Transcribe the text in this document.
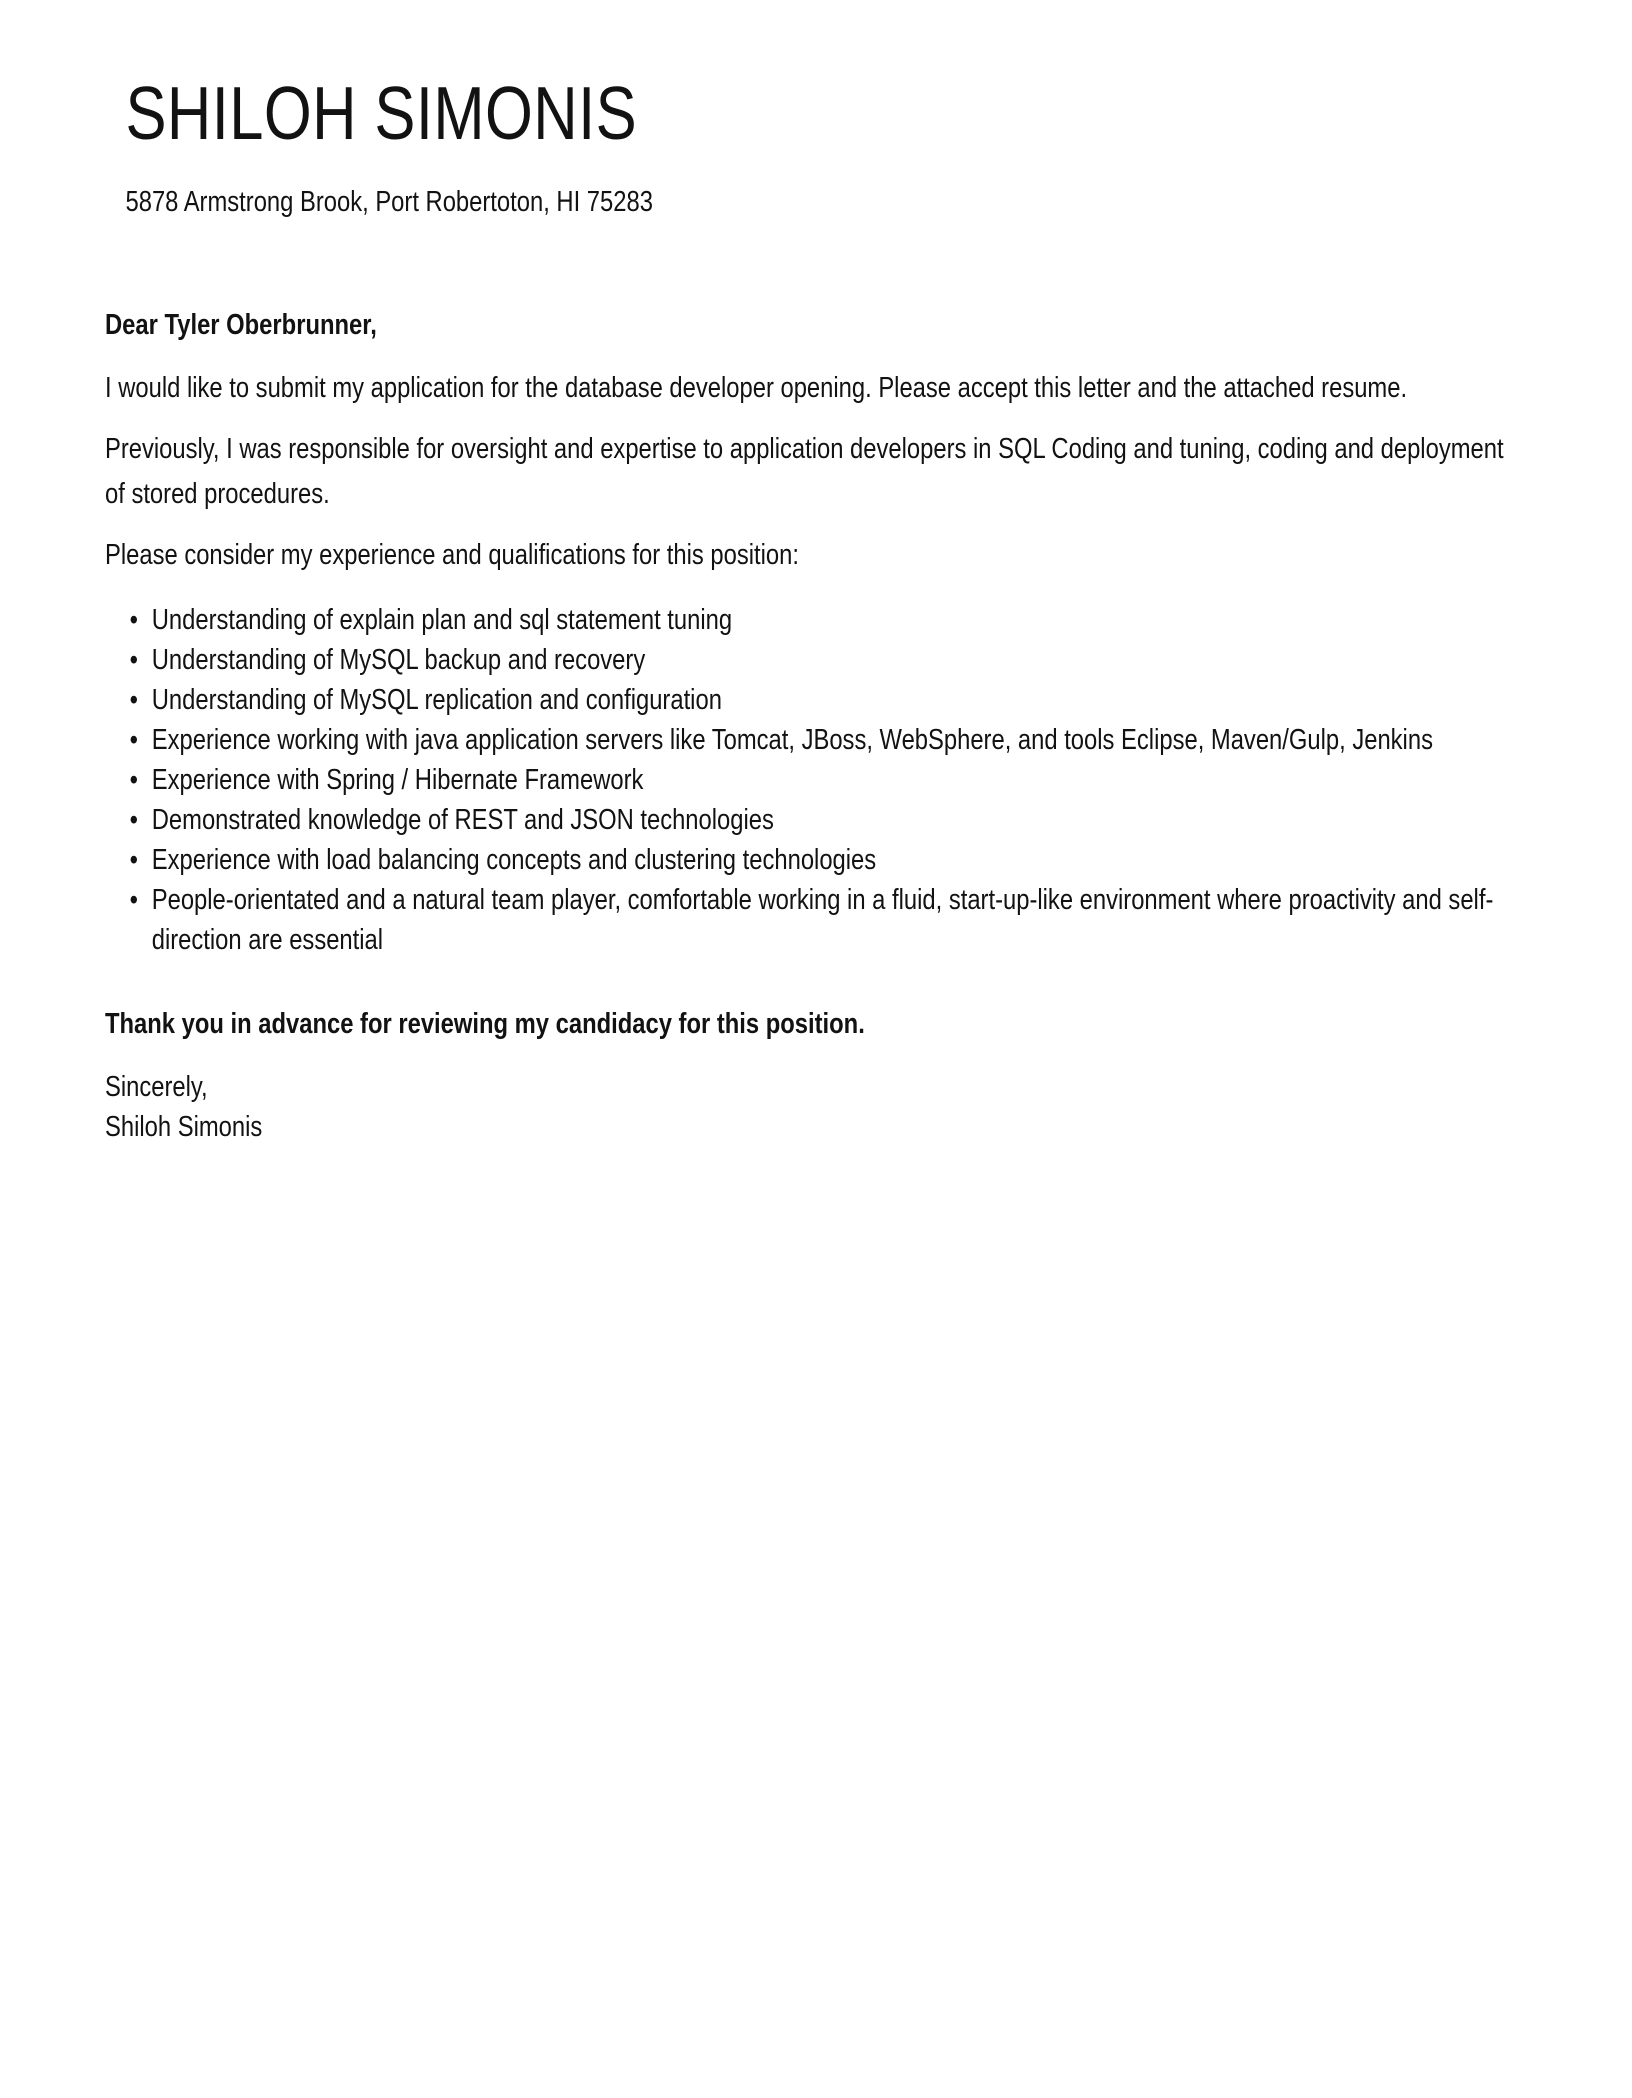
SHILOH SIMONIS
5878 Armstrong Brook, Port Robertoton, HI 75283

Dear Tyler Oberbrunner,

I would like to submit my application for the database developer opening. Please accept this letter and the attached resume.

Previously, I was responsible for oversight and expertise to application developers in SQL Coding and tuning, coding and deployment of stored procedures.

Please consider my experience and qualifications for this position:

• Understanding of explain plan and sql statement tuning
• Understanding of MySQL backup and recovery
• Understanding of MySQL replication and configuration
• Experience working with java application servers like Tomcat, JBoss, WebSphere, and tools Eclipse, Maven/Gulp, Jenkins
• Experience with Spring / Hibernate Framework
• Demonstrated knowledge of REST and JSON technologies
• Experience with load balancing concepts and clustering technologies
• People-orientated and a natural team player, comfortable working in a fluid, start-up-like environment where proactivity and self-direction are essential

Thank you in advance for reviewing my candidacy for this position.

Sincerely,
Shiloh Simonis
